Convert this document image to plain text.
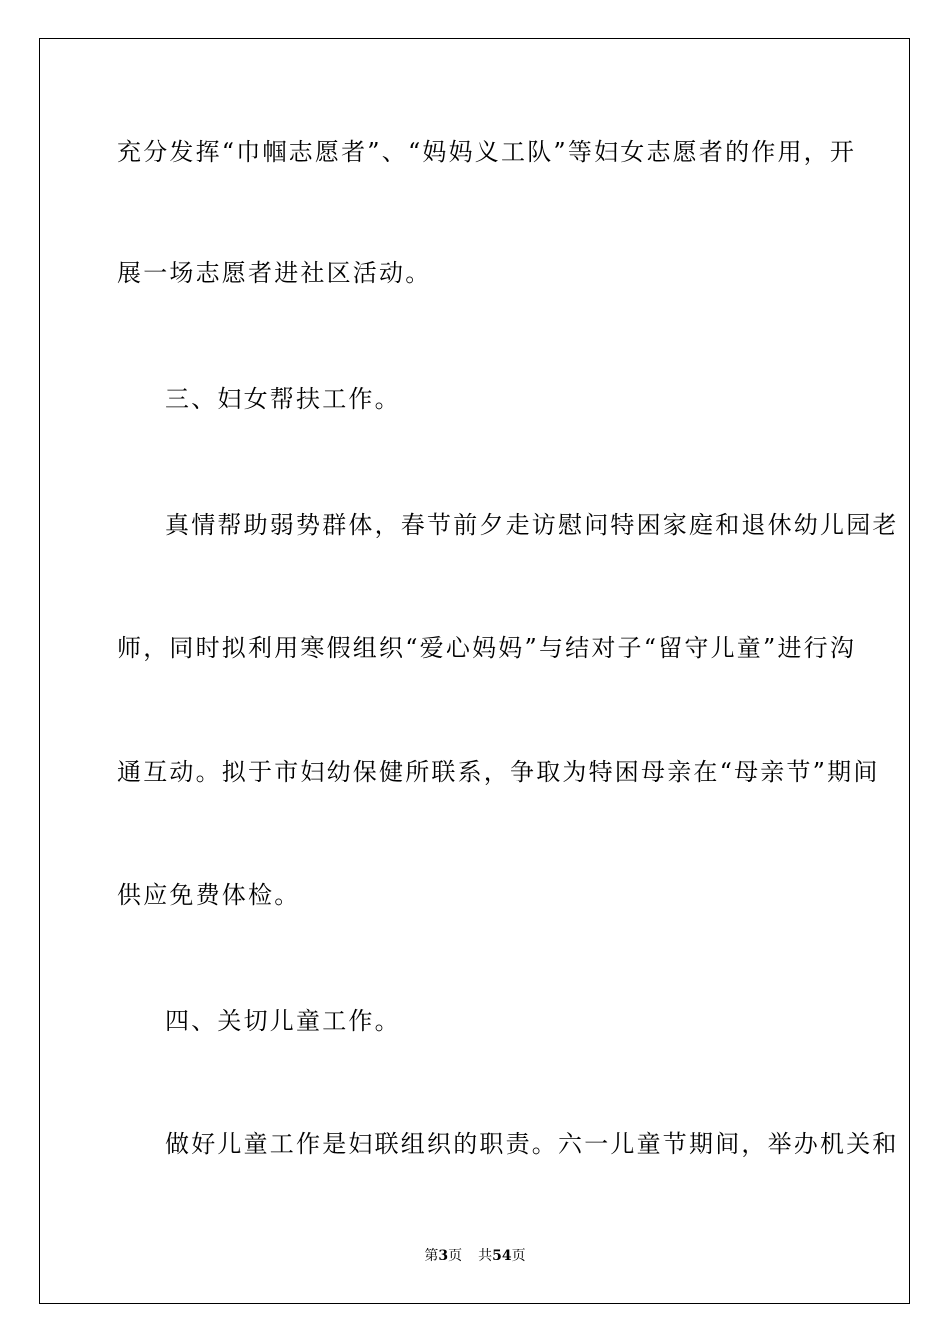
充分发挥“巾帼志愿者”、“妈妈义工队”等妇女志愿者的作用，开
展一场志愿者进社区活动。
三、妇女帮扶工作。
真情帮助弱势群体，春节前夕走访慰问特困家庭和退休幼儿园老
师，同时拟利用寒假组织“爱心妈妈”与结对子“留守儿童”进行沟
通互动。拟于市妇幼保健所联系，争取为特困母亲在“母亲节”期间
供应免费体检。
四、关切儿童工作。
做好儿童工作是妇联组织的职责。六一儿童节期间，举办机关和
第3页 共54页
